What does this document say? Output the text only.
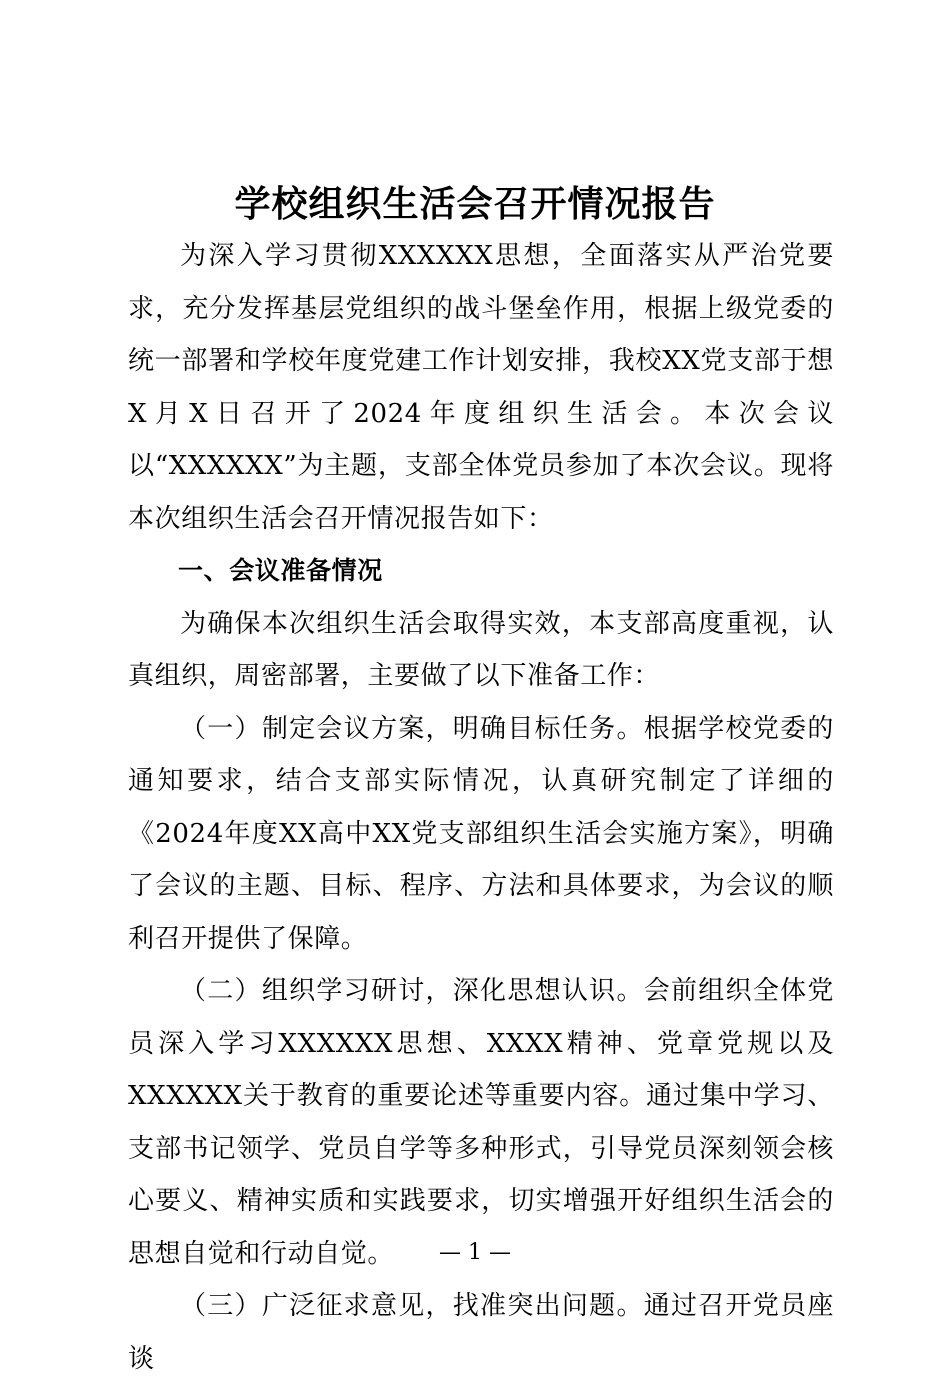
学校组织生活会召开情况报告

为深入学习贯彻XXXXXX思想，全面落实从严治党要求，充分发挥基层党组织的战斗堡垒作用，根据上级党委的统一部署和学校年度党建工作计划安排，我校XX党支部于想X月X日召开了2024年度组织生活会。本次会议以“XXXXXX”为主题，支部全体党员参加了本次会议。现将本次组织生活会召开情况报告如下：

一、会议准备情况

为确保本次组织生活会取得实效，本支部高度重视，认真组织，周密部署，主要做了以下准备工作：

（一）制定会议方案，明确目标任务。根据学校党委的通知要求，结合支部实际情况，认真研究制定了详细的《2024年度XX高中XX党支部组织生活会实施方案》，明确了会议的主题、目标、程序、方法和具体要求，为会议的顺利召开提供了保障。

（二）组织学习研讨，深化思想认识。会前组织全体党员深入学习XXXXXX思想、XXXX精神、党章党规以及XXXXXX关于教育的重要论述等重要内容。通过集中学习、支部书记领学、党员自学等多种形式，引导党员深刻领会核心要义、精神实质和实践要求，切实增强开好组织生活会的思想自觉和行动自觉。

（三）广泛征求意见，找准突出问题。通过召开党员座谈

— 1 —
